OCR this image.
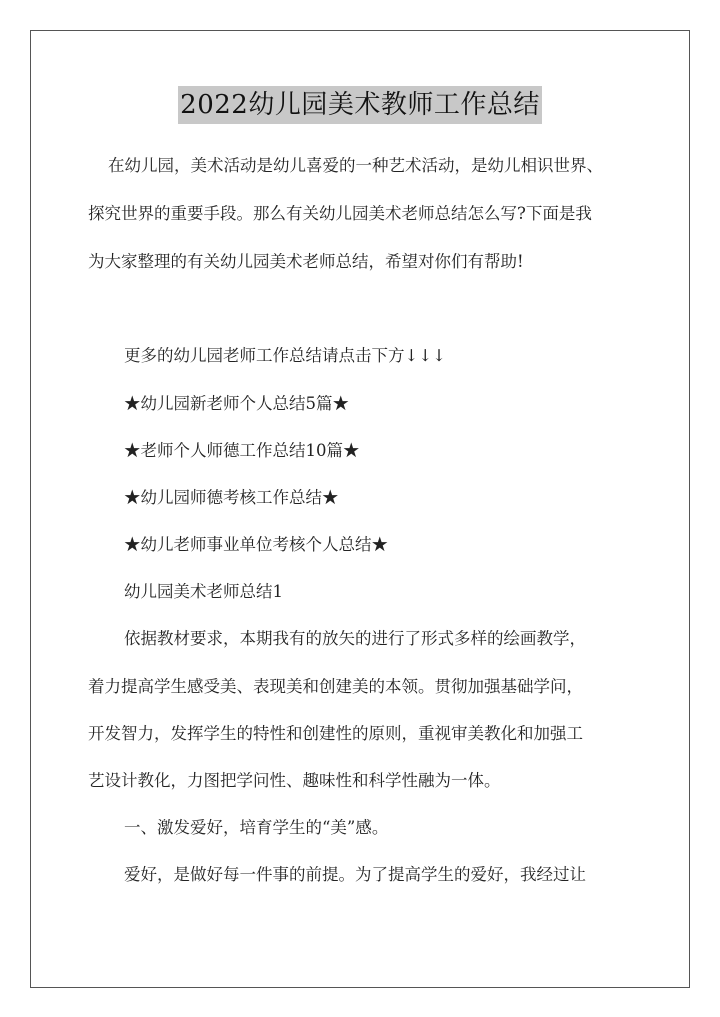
2022幼儿园美术教师工作总结
在幼儿园，美术活动是幼儿喜爱的一种艺术活动，是幼儿相识世界、
探究世界的重要手段。那么有关幼儿园美术老师总结怎么写?下面是我
为大家整理的有关幼儿园美术老师总结，希望对你们有帮助!
更多的幼儿园老师工作总结请点击下方↓↓↓
★幼儿园新老师个人总结5篇★
★老师个人师德工作总结10篇★
★幼儿园师德考核工作总结★
★幼儿老师事业单位考核个人总结★
幼儿园美术老师总结1
依据教材要求，本期我有的放矢的进行了形式多样的绘画教学，
着力提高学生感受美、表现美和创建美的本领。贯彻加强基础学问，
开发智力，发挥学生的特性和创建性的原则，重视审美教化和加强工
艺设计教化，力图把学问性、趣味性和科学性融为一体。
一、激发爱好，培育学生的“美”感。
爱好，是做好每一件事的前提。为了提高学生的爱好，我经过让
